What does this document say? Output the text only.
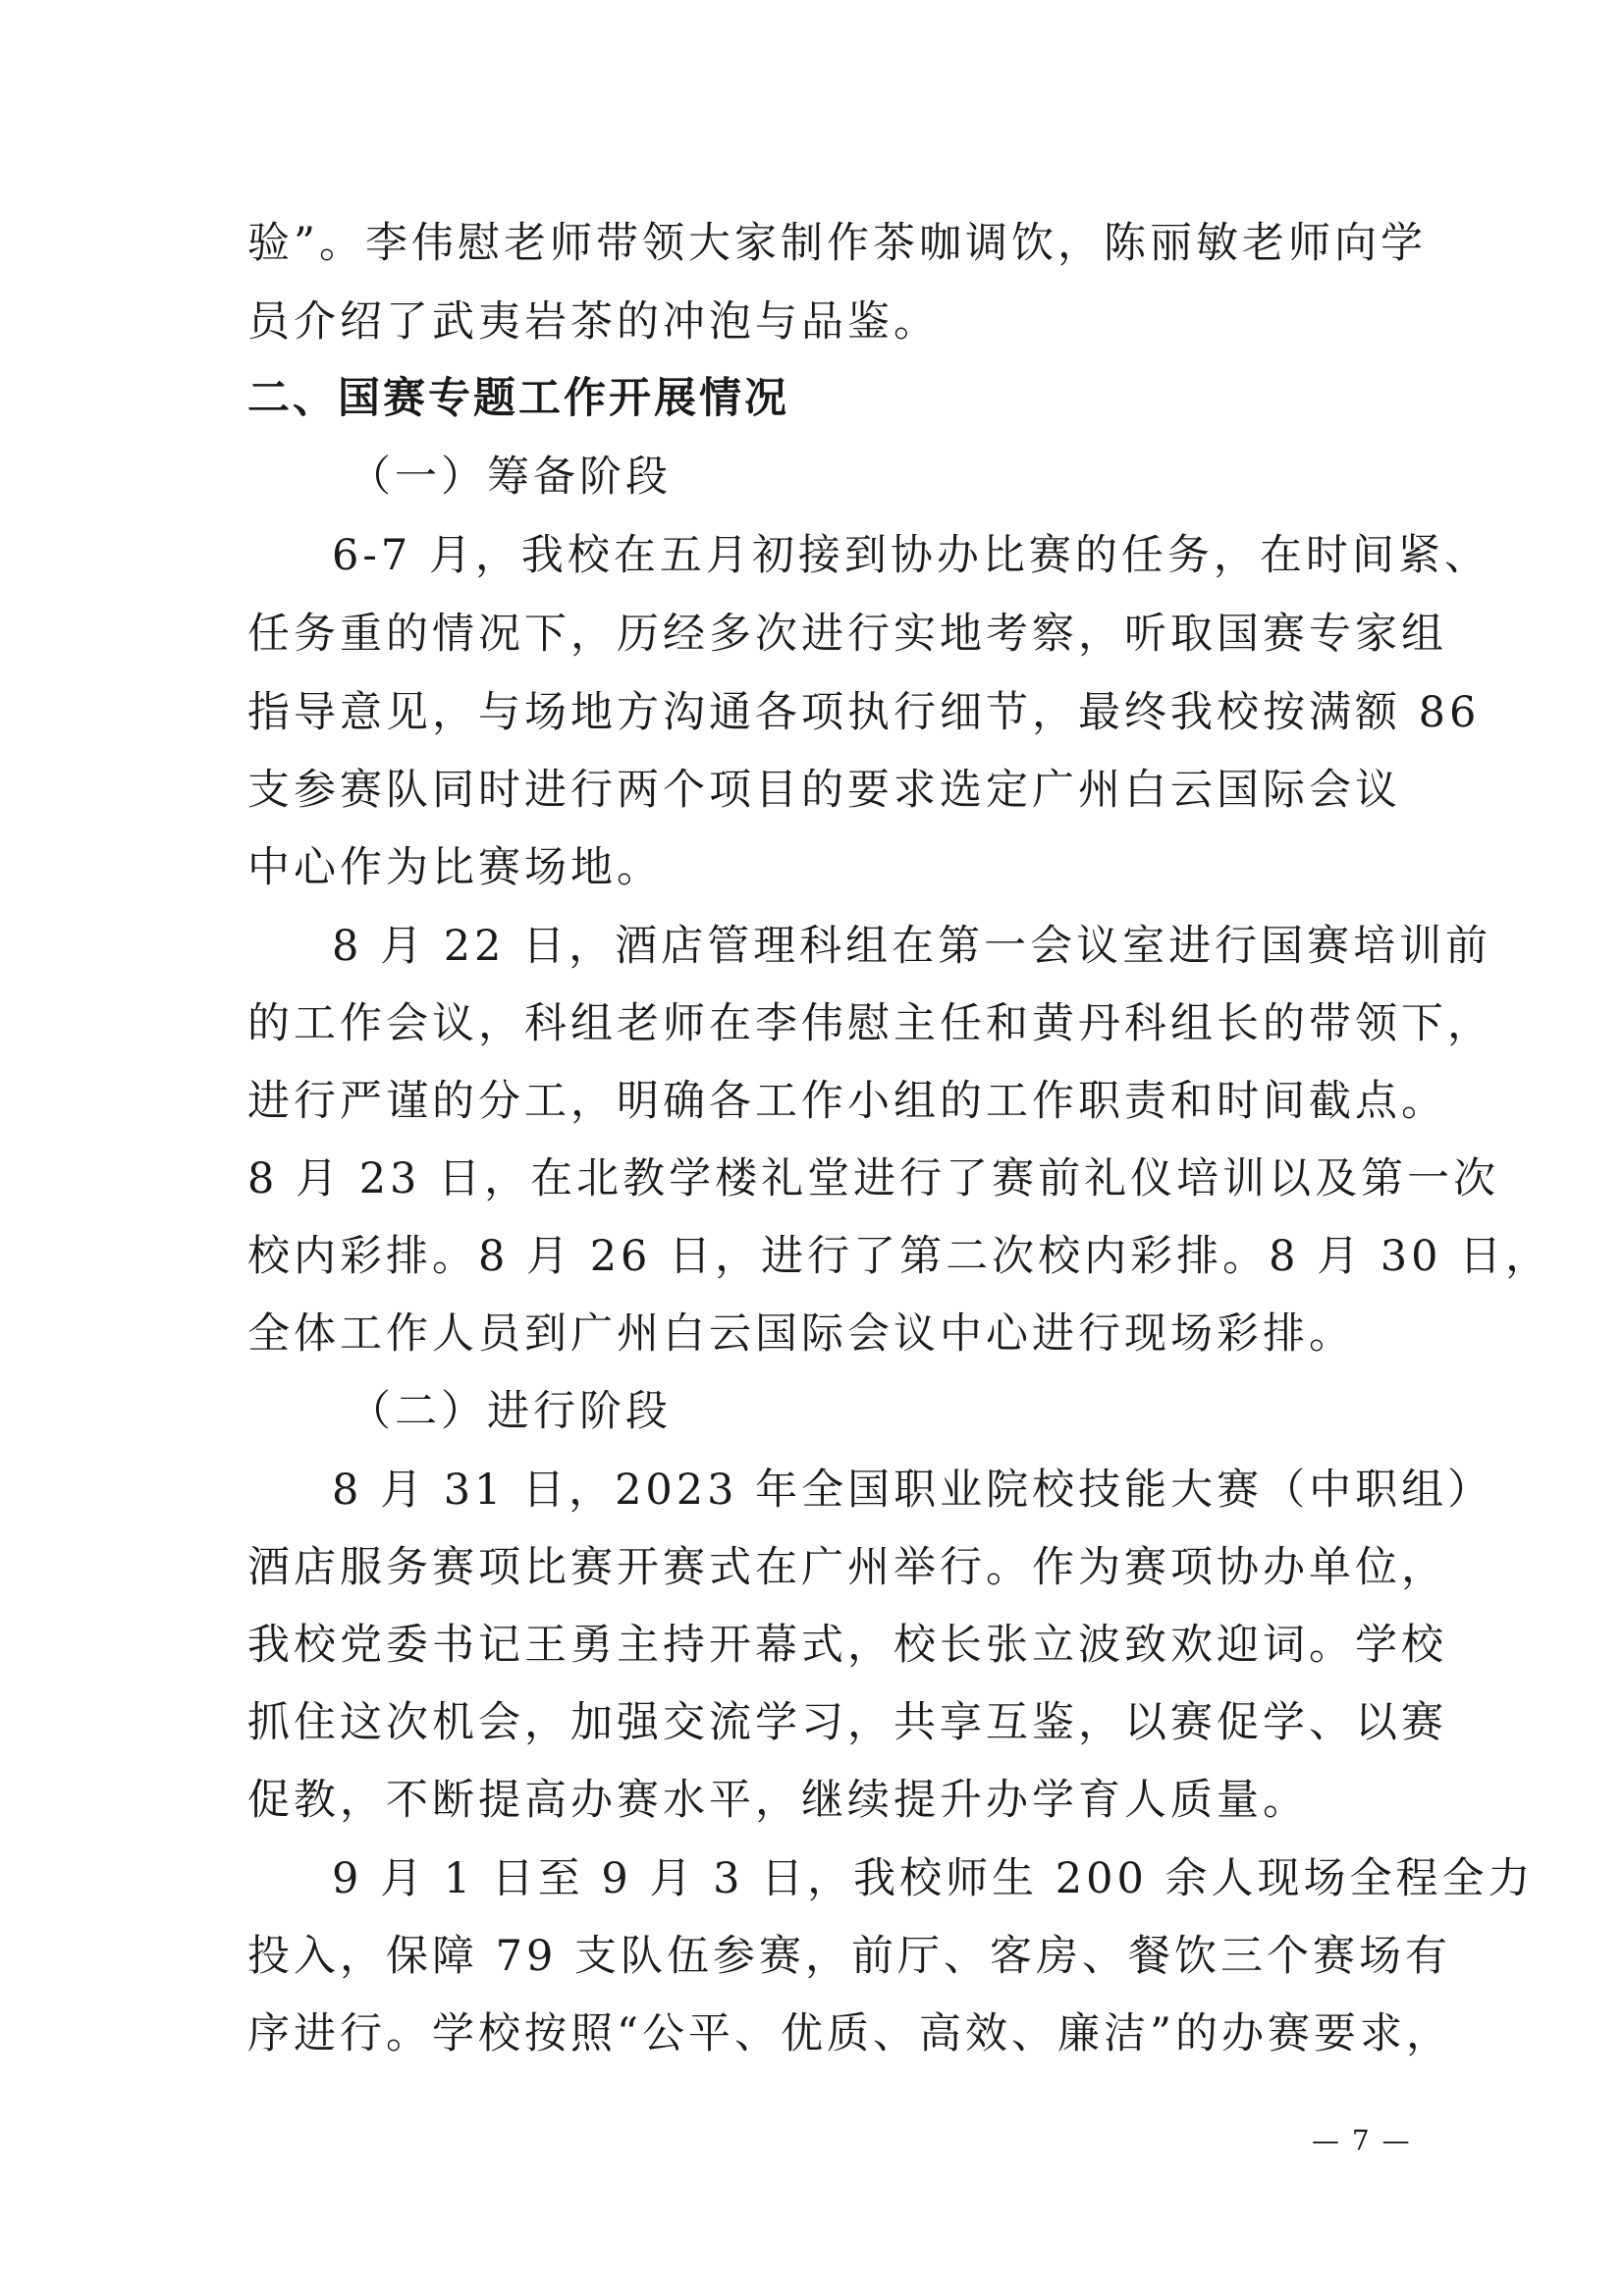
验”。李伟慰老师带领大家制作茶咖调饮，陈丽敏老师向学
员介绍了武夷岩茶的冲泡与品鉴。
二、国赛专题工作开展情况
（一）筹备阶段
6-7 月，我校在五月初接到协办比赛的任务，在时间紧、
任务重的情况下，历经多次进行实地考察，听取国赛专家组
指导意见，与场地方沟通各项执行细节，最终我校按满额 86
支参赛队同时进行两个项目的要求选定广州白云国际会议
中心作为比赛场地。
8 月 22 日，酒店管理科组在第一会议室进行国赛培训前
的工作会议，科组老师在李伟慰主任和黄丹科组长的带领下，
进行严谨的分工，明确各工作小组的工作职责和时间截点。
8 月 23 日，在北教学楼礼堂进行了赛前礼仪培训以及第一次
校内彩排。8 月 26 日，进行了第二次校内彩排。8 月 30 日，
全体工作人员到广州白云国际会议中心进行现场彩排。
（二）进行阶段
8 月 31 日，2023 年全国职业院校技能大赛（中职组）
酒店服务赛项比赛开赛式在广州举行。作为赛项协办单位，
我校党委书记王勇主持开幕式，校长张立波致欢迎词。学校
抓住这次机会，加强交流学习，共享互鉴，以赛促学、以赛
促教，不断提高办赛水平，继续提升办学育人质量。
9 月 1 日至 9 月 3 日，我校师生 200 余人现场全程全力
投入，保障 79 支队伍参赛，前厅、客房、餐饮三个赛场有
序进行。学校按照“公平、优质、高效、廉洁”的办赛要求，
— 7 —
